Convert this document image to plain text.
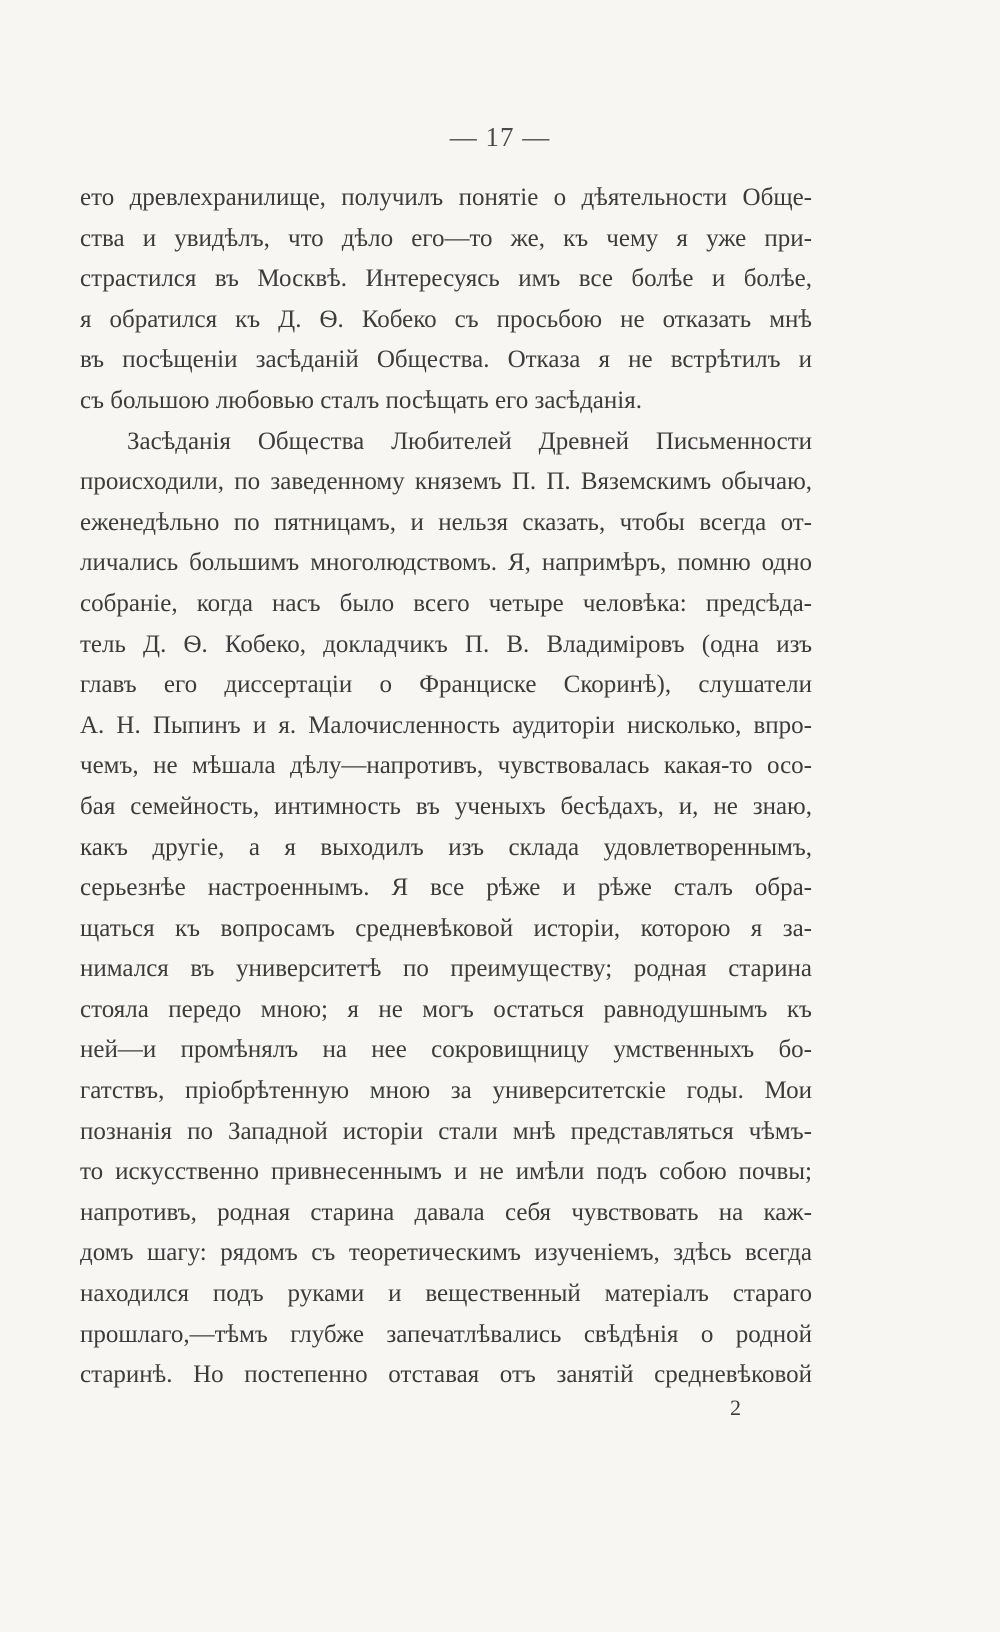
— 17 —
ето древлехранилище, получилъ понятіе о дѣятельности Обще-
ства и увидѣлъ, что дѣло его—то же, къ чему я уже при-
страстился въ Москвѣ. Интересуясь имъ все болѣе и болѣе,
я обратился къ Д. Ѳ. Кобеко съ просьбою не отказать мнѣ
въ посѣщеніи засѣданій Общества. Отказа я не встрѣтилъ и
съ большою любовью сталъ посѣщать его засѣданія.
Засѣданія Общества Любителей Древней Письменности
происходили, по заведенному княземъ П. П. Вяземскимъ обычаю,
еженедѣльно по пятницамъ, и нельзя сказать, чтобы всегда от-
личались большимъ многолюдствомъ. Я, напримѣръ, помню одно
собраніе, когда насъ было всего четыре человѣка: предсѣда-
тель Д. Ѳ. Кобеко, докладчикъ П. В. Владиміровъ (одна изъ
главъ его диссертаціи о Франциске Скоринѣ), слушатели
А. Н. Пыпинъ и я. Малочисленность аудиторіи нисколько, впро-
чемъ, не мѣшала дѣлу—напротивъ, чувствовалась какая-то осо-
бая семейность, интимность въ ученыхъ бесѣдахъ, и, не знаю,
какъ другіе, а я выходилъ изъ склада удовлетвореннымъ,
серьезнѣе настроеннымъ. Я все рѣже и рѣже сталъ обра-
щаться къ вопросамъ средневѣковой исторіи, которою я за-
нимался въ университетѣ по преимуществу; родная старина
стояла передо мною; я не могъ остаться равнодушнымъ къ
ней—и промѣнялъ на нее сокровищницу умственныхъ бо-
гатствъ, пріобрѣтенную мною за университетскіе годы. Мои
познанія по Западной исторіи стали мнѣ представляться чѣмъ-
то искусственно привнесеннымъ и не имѣли подъ собою почвы;
напротивъ, родная старина давала себя чувствовать на каж-
домъ шагу: рядомъ съ теоретическимъ изученіемъ, здѣсь всегда
находился подъ руками и вещественный матеріалъ стараго
прошлаго,—тѣмъ глубже запечатлѣвались свѣдѣнія о родной
старинѣ. Но постепенно отставая отъ занятій средневѣковой
2
